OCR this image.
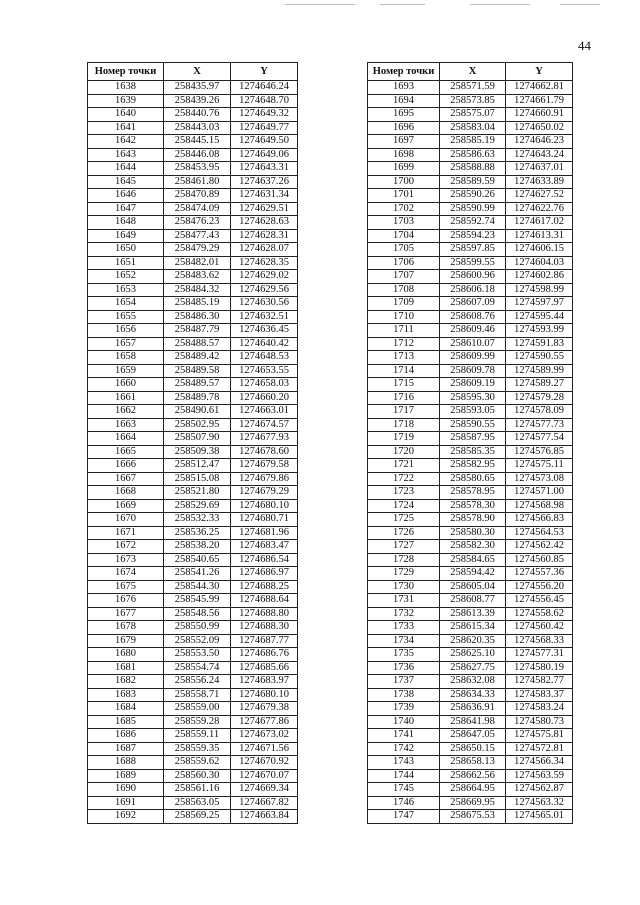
44
Номер точки	X	Y
1638	258435.97	1274646.24
1639	258439.26	1274648.70
1640	258440.76	1274649.32
1641	258443.03	1274649.77
1642	258445.15	1274649.50
1643	258446.08	1274649.06
1644	258453.95	1274643.31
1645	258461.80	1274637.26
1646	258470.89	1274631.34
1647	258474.09	1274629.51
1648	258476.23	1274628.63
1649	258477.43	1274628.31
1650	258479.29	1274628.07
1651	258482.01	1274628.35
1652	258483.62	1274629.02
1653	258484.32	1274629.56
1654	258485.19	1274630.56
1655	258486.30	1274632.51
1656	258487.79	1274636.45
1657	258488.57	1274640.42
1658	258489.42	1274648.53
1659	258489.58	1274653.55
1660	258489.57	1274658.03
1661	258489.78	1274660.20
1662	258490.61	1274663.01
1663	258502.95	1274674.57
1664	258507.90	1274677.93
1665	258509.38	1274678.60
1666	258512.47	1274679.58
1667	258515.08	1274679.86
1668	258521.80	1274679.29
1669	258529.69	1274680.10
1670	258532.33	1274680.71
1671	258536.25	1274681.96
1672	258538.20	1274683.47
1673	258540.65	1274686.54
1674	258541.26	1274686.97
1675	258544.30	1274688.25
1676	258545.99	1274688.64
1677	258548.56	1274688.80
1678	258550.99	1274688.30
1679	258552.09	1274687.77
1680	258553.50	1274686.76
1681	258554.74	1274685.66
1682	258556.24	1274683.97
1683	258558.71	1274680.10
1684	258559.00	1274679.38
1685	258559.28	1274677.86
1686	258559.11	1274673.02
1687	258559.35	1274671.56
1688	258559.62	1274670.92
1689	258560.30	1274670.07
1690	258561.16	1274669.34
1691	258563.05	1274667.82
1692	258569.25	1274663.84
Номер точки	X	Y
1693	258571.59	1274662.81
1694	258573.85	1274661.79
1695	258575.07	1274660.91
1696	258583.04	1274650.02
1697	258585.19	1274646.23
1698	258586.63	1274643.24
1699	258588.88	1274637.01
1700	258589.59	1274633.89
1701	258590.26	1274627.52
1702	258590.99	1274622.76
1703	258592.74	1274617.02
1704	258594.23	1274613.31
1705	258597.85	1274606.15
1706	258599.55	1274604.03
1707	258600.96	1274602.86
1708	258606.18	1274598.99
1709	258607.09	1274597.97
1710	258608.76	1274595.44
1711	258609.46	1274593.99
1712	258610.07	1274591.83
1713	258609.99	1274590.55
1714	258609.78	1274589.99
1715	258609.19	1274589.27
1716	258595.30	1274579.28
1717	258593.05	1274578.09
1718	258590.55	1274577.73
1719	258587.95	1274577.54
1720	258585.35	1274576.85
1721	258582.95	1274575.11
1722	258580.65	1274573.08
1723	258578.95	1274571.00
1724	258578.30	1274568.98
1725	258578.90	1274566.83
1726	258580.30	1274564.53
1727	258582.30	1274562.42
1728	258584.65	1274560.85
1729	258594.42	1274557.36
1730	258605.04	1274556.20
1731	258608.77	1274556.45
1732	258613.39	1274558.62
1733	258615.34	1274560.42
1734	258620.35	1274568.33
1735	258625.10	1274577.31
1736	258627.75	1274580.19
1737	258632.08	1274582.77
1738	258634.33	1274583.37
1739	258636.91	1274583.24
1740	258641.98	1274580.73
1741	258647.05	1274575.81
1742	258650.15	1274572.81
1743	258658.13	1274566.34
1744	258662.56	1274563.59
1745	258664.95	1274562.87
1746	258669.95	1274563.32
1747	258675.53	1274565.01
